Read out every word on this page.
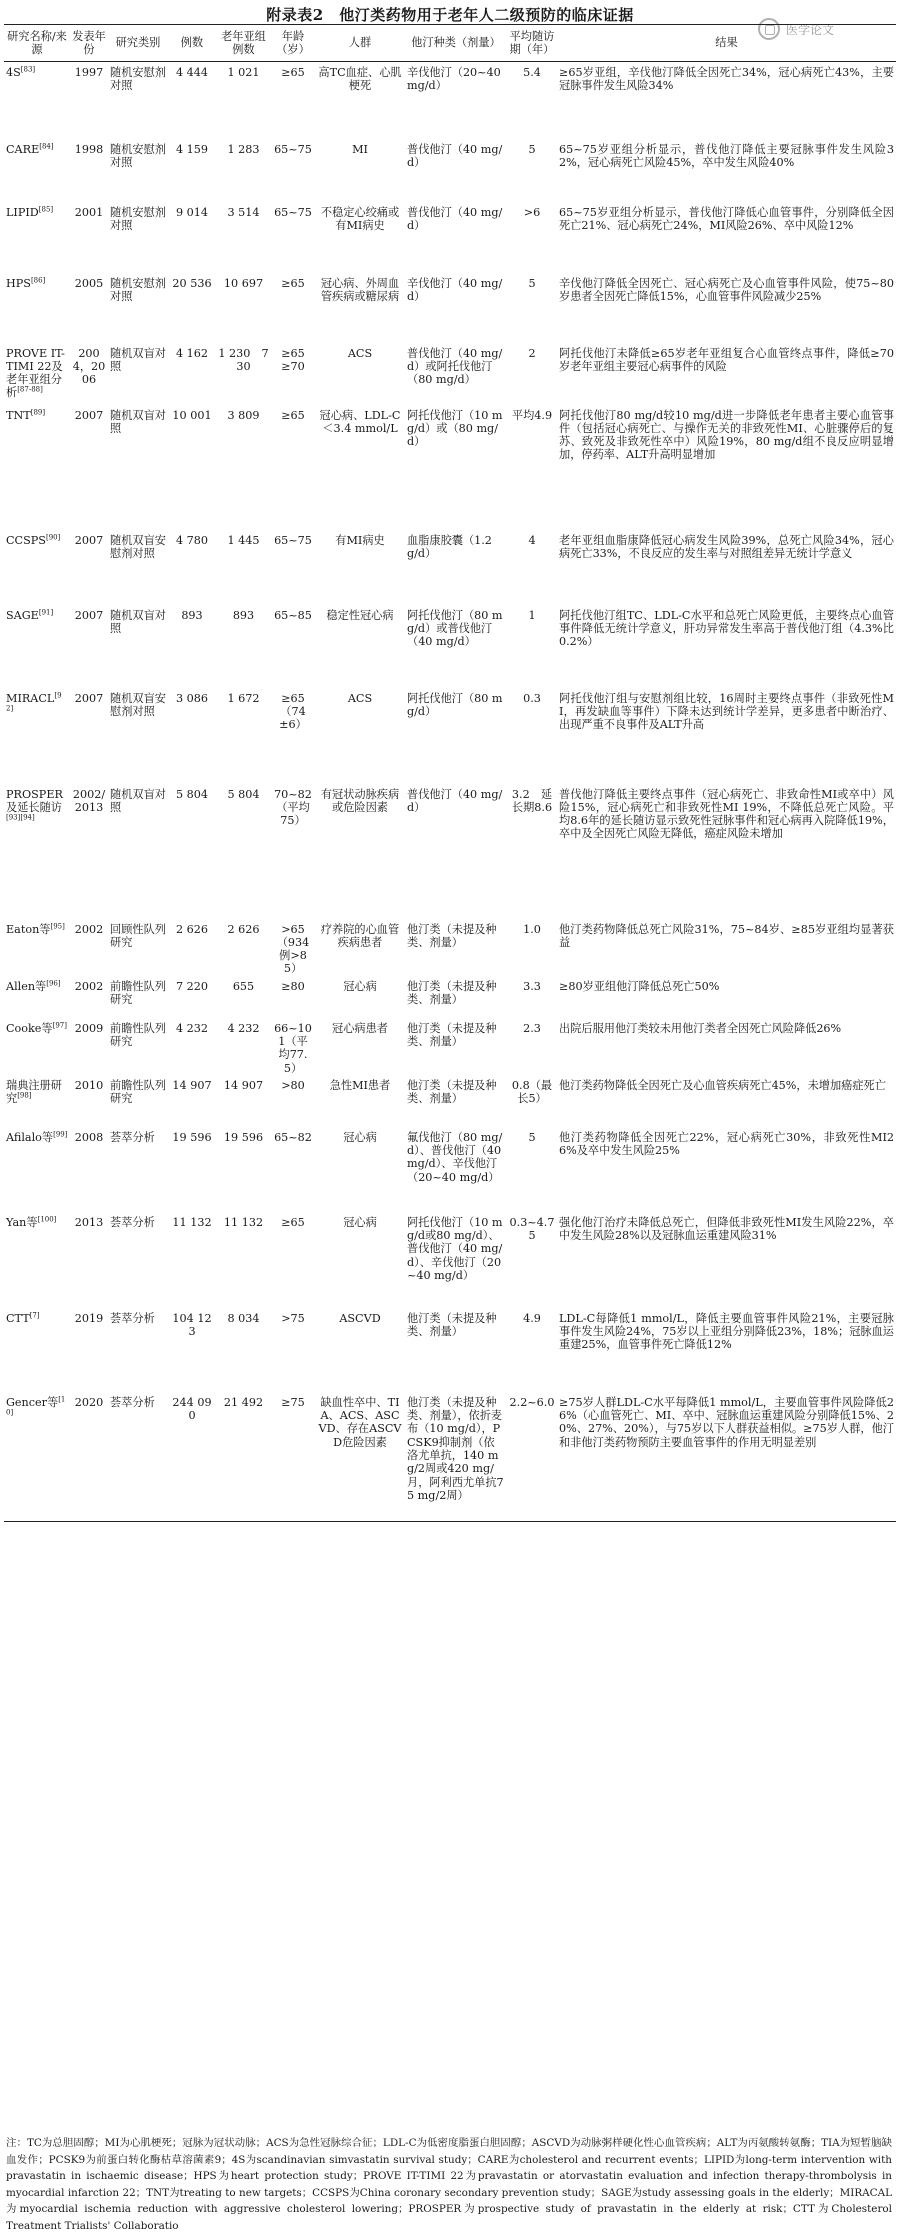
附录表2　他汀类药物用于老年人二级预防的临床证据
医学论文
研究名称/来源	发表年份	研究类别	例数	老年亚组例数	年龄（岁）	人群	他汀种类（剂量）	平均随访期（年）	结果
4S[83]	1997	随机安慰剂对照	4 444	1 021	≥65	高TC血症、心肌梗死	辛伐他汀（20~40 mg/d）	5.4	≥65岁亚组，辛伐他汀降低全因死亡34%，冠心病死亡43%，主要冠脉事件发生风险34%
CARE[84]	1998	随机安慰剂对照	4 159	1 283	65~75	MI	普伐他汀（40 mg/d）	5	65~75岁亚组分析显示，普伐他汀降低主要冠脉事件发生风险32%，冠心病死亡风险45%，卒中发生风险40%
LIPID[85]	2001	随机安慰剂对照	9 014	3 514	65~75	不稳定心绞痛或有MI病史	普伐他汀（40 mg/d）	>6	65~75岁亚组分析显示，普伐他汀降低心血管事件，分别降低全因死亡21%、冠心病死亡24%，MI风险26%、卒中风险12%
HPS[86]	2005	随机安慰剂对照	20 536	10 697	≥65	冠心病、外周血管疾病或糖尿病	辛伐他汀（40 mg/d）	5	辛伐他汀降低全因死亡、冠心病死亡及心血管事件风险，使75~80岁患者全因死亡降低15%，心血管事件风险减少25%
PROVE IT-TIMI 22及老年亚组分析[87-88]	2004，2006	随机双盲对照	4 162	1 230　730	≥65　≥70	ACS	普伐他汀（40 mg/d）或阿托伐他汀（80 mg/d）	2	阿托伐他汀未降低≥65岁老年亚组复合心血管终点事件，降低≥70岁老年亚组主要冠心病事件的风险
TNT[89]	2007	随机双盲对照	10 001	3 809	≥65	冠心病、LDL-C＜3.4 mmol/L	阿托伐他汀（10 mg/d）或（80 mg/d）	平均4.9	阿托伐他汀80 mg/d较10 mg/d进一步降低老年患者主要心血管事件（包括冠心病死亡、与操作无关的非致死性MI、心脏骤停后的复苏、致死及非致死性卒中）风险19%，80 mg/d组不良反应明显增加，停药率、ALT升高明显增加
CCSPS[90]	2007	随机双盲安慰剂对照	4 780	1 445	65~75	有MI病史	血脂康胶囊（1.2 g/d）	4	老年亚组血脂康降低冠心病发生风险39%，总死亡风险34%，冠心病死亡33%，不良反应的发生率与对照组差异无统计学意义
SAGE[91]	2007	随机双盲对照	893	893	65~85	稳定性冠心病	阿托伐他汀（80 mg/d）或普伐他汀（40 mg/d）	1	阿托伐他汀组TC、LDL-C水平和总死亡风险更低，主要终点心血管事件降低无统计学意义，肝功异常发生率高于普伐他汀组（4.3%比0.2%）
MIRACL[92]	2007	随机双盲安慰剂对照	3 086	1 672	≥65（74±6）	ACS	阿托伐他汀（80 mg/d）	0.3	阿托伐他汀组与安慰剂组比较，16周时主要终点事件（非致死性MI，再发缺血等事件）下降未达到统计学差异，更多患者中断治疗、出现严重不良事件及ALT升高
PROSPER及延长随访[93][94]	2002/2013	随机双盲对照	5 804	5 804	70~82（平均75）	有冠状动脉疾病或危险因素	普伐他汀（40 mg/d）	3.2　延长期8.6	普伐他汀降低主要终点事件（冠心病死亡、非致命性MI或卒中）风险15%，冠心病死亡和非致死性MI 19%，不降低总死亡风险。平均8.6年的延长随访显示致死性冠脉事件和冠心病再入院降低19%，卒中及全因死亡风险无降低，癌症风险未增加
Eaton等[95]	2002	回顾性队列研究	2 626	2 626	>65（934例>85）	疗养院的心血管疾病患者	他汀类（未提及种类、剂量）	1.0	他汀类药物降低总死亡风险31%，75~84岁、≥85岁亚组均显著获益
Allen等[96]	2002	前瞻性队列研究	7 220	655	≥80	冠心病	他汀类（未提及种类、剂量）	3.3	≥80岁亚组他汀降低总死亡50%
Cooke等[97]	2009	前瞻性队列研究	4 232	4 232	66~101（平均77.5）	冠心病患者	他汀类（未提及种类、剂量）	2.3	出院后服用他汀类较未用他汀类者全因死亡风险降低26%
瑞典注册研究[98]	2010	前瞻性队列研究	14 907	14 907	>80	急性MI患者	他汀类（未提及种类、剂量）	0.8（最长5）	他汀类药物降低全因死亡及心血管疾病死亡45%，未增加癌症死亡
Afilalo等[99]	2008	荟萃分析	19 596	19 596	65~82	冠心病	氟伐他汀（80 mg/d）、普伐他汀（40 mg/d）、辛伐他汀（20~40 mg/d）	5	他汀类药物降低全因死亡22%，冠心病死亡30%，非致死性MI26%及卒中发生风险25%
Yan等[100]	2013	荟萃分析	11 132	11 132	≥65	冠心病	阿托伐他汀（10 mg/d或80 mg/d）、普伐他汀（40 mg/d）、辛伐他汀（20~40 mg/d）	0.3~4.75	强化他汀治疗未降低总死亡，但降低非致死性MI发生风险22%，卒中发生风险28%以及冠脉血运重建风险31%
CTT[7]	2019	荟萃分析	104 123	8 034	>75	ASCVD	他汀类（未提及种类、剂量）	4.9	LDL-C每降低1 mmol/L，降低主要血管事件风险21%，主要冠脉事件发生风险24%，75岁以上亚组分别降低23%，18%；冠脉血运重建25%，血管事件死亡降低12%
Gencer等[10]	2020	荟萃分析	244 090	21 492	≥75	缺血性卒中、TIA、ACS、ASCVD、存在ASCVD危险因素	他汀类（未提及种类、剂量），依折麦布（10 mg/d），PCSK9抑制剂（依洛尤单抗，140 mg/2周或420 mg/月，阿利西尤单抗75 mg/2周）	2.2~6.0	≥75岁人群LDL-C水平每降低1 mmol/L，主要血管事件风险降低26%（心血管死亡、MI、卒中、冠脉血运重建风险分别降低15%、20%、27%、20%），与75岁以下人群获益相似。≥75岁人群，他汀和非他汀类药物预防主要血管事件的作用无明显差别
注：TC为总胆固醇；MI为心肌梗死；冠脉为冠状动脉；ACS为急性冠脉综合征；LDL-C为低密度脂蛋白胆固醇；ASCVD为动脉粥样硬化性心血管疾病；ALT为丙氨酸转氨酶；TIA为短暂脑缺血发作；PCSK9为前蛋白转化酶枯草溶菌素9；4S为scandinavian simvastatin survival study；CARE为cholesterol and recurrent events；LIPID为long-term intervention with pravastatin in ischaemic disease；HPS为heart protection study；PROVE IT-TIMI 22为pravastatin or atorvastatin evaluation and infection therapy-thrombolysis in myocardial infarction 22；TNT为treating to new targets；CCSPS为China coronary secondary prevention study；SAGE为study assessing goals in the elderly；MIRACAL为myocardial ischemia reduction with aggressive cholesterol lowering；PROSPER为prospective study of pravastatin in the elderly at risk；CTT为Cholesterol Treatment Trialists' Collaboratio
